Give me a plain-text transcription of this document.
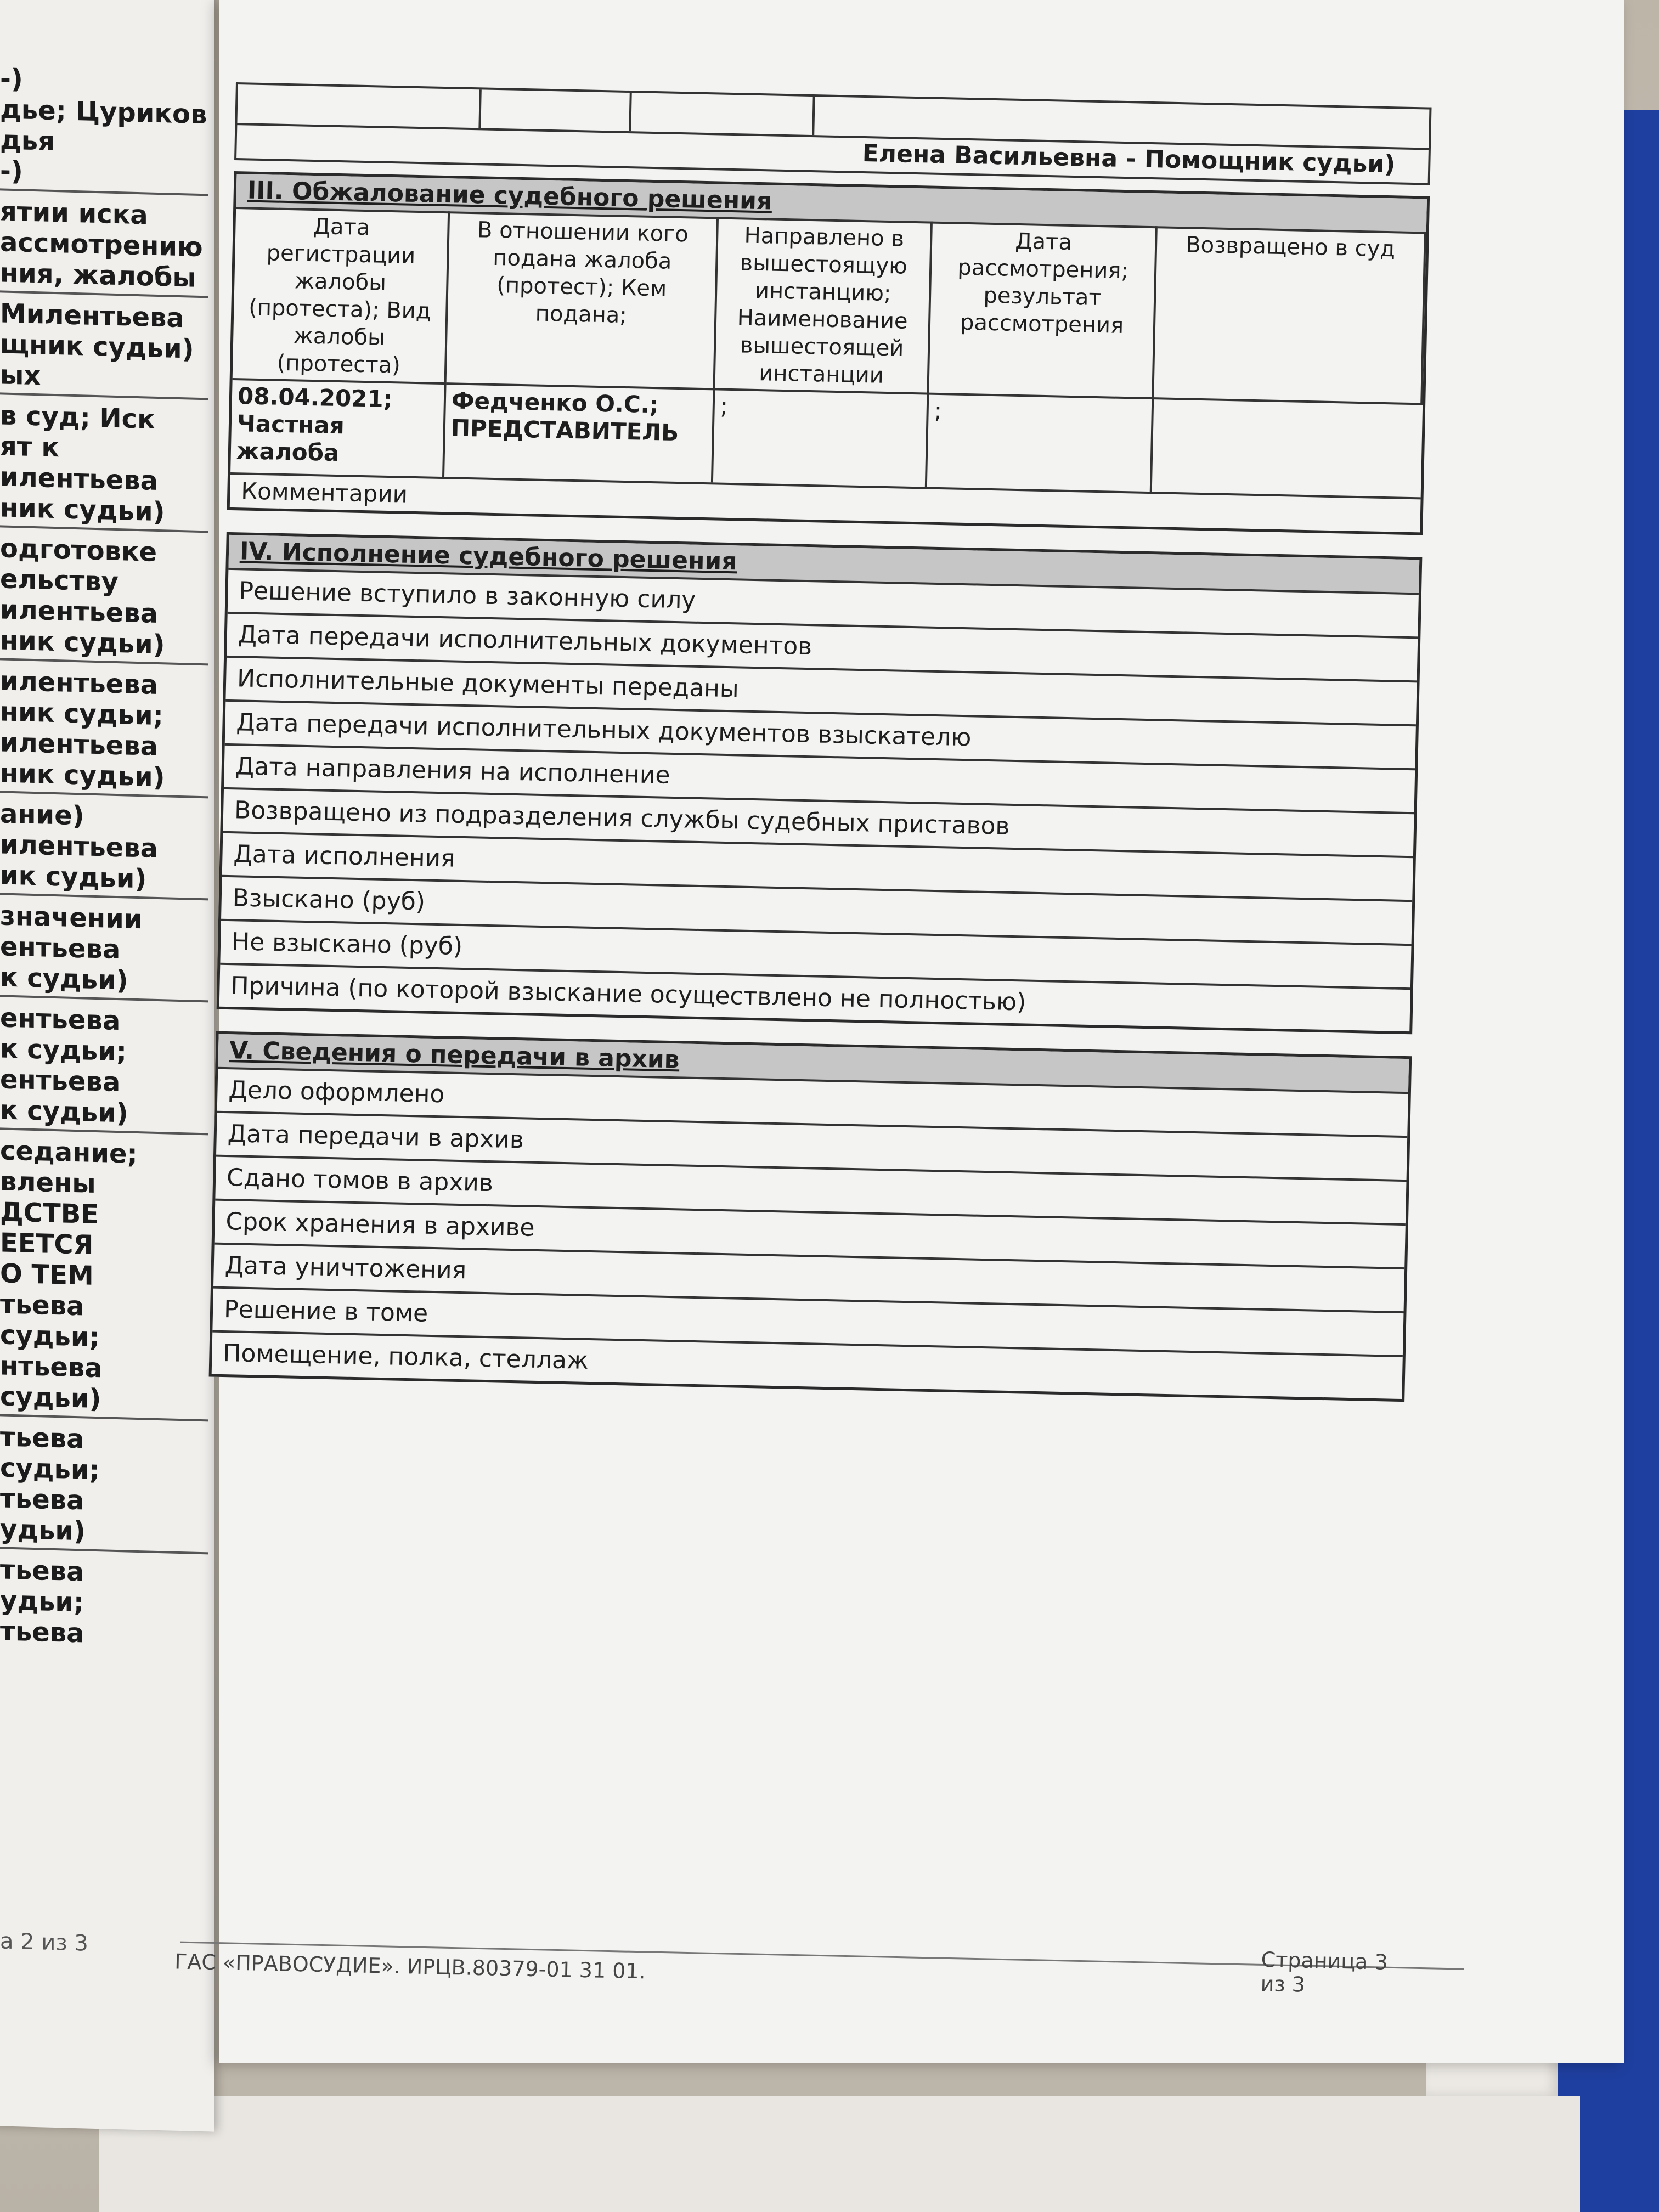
-)
дье; Цуриков
дья
-)
ятии иска
ассмотрению
ния, жалобы
Милентьева
щник судьи)
ых
в суд; Иск
ят к
илентьева
ник судьи)
одготовке
ельству
илентьева
ник судьи)
илентьева
ник судьи;
илентьева
ник судьи)
ание)
илентьева
ик судьи)
значении
ентьева
к судьи)
ентьева
к судьи;
ентьева
к судьи)
седание;
влены
ДСТВЕ
ЕЕТСЯ
О ТЕМ
тьева
судьи;
нтьева
судьи)
тьева
судьи;
тьева
удьи)
тьева
удьи;
тьева
а 2 из 3
Елена Васильевна - Помощник судьи)
III. Обжалование судебного решения
Дата регистрации жалобы (протеста); Вид жалобы (протеста)
В отношении кого подана жалоба (протест); Кем подана;
Направлено в вышестоящую инстанцию; Наименование вышестоящей инстанции
Дата рассмотрения; результат рассмотрения
Возвращено в суд
08.04.2021; Частная жалоба
Федченко О.С.; ПРЕДСТАВИТЕЛЬ
;	;
Комментарии
IV. Исполнение судебного решения
Решение вступило в законную силу
Дата передачи исполнительных документов
Исполнительные документы переданы
Дата передачи исполнительных документов взыскателю
Дата направления на исполнение
Возвращено из подразделения службы судебных приставов
Дата исполнения
Взыскано (руб)
Не взыскано (руб)
Причина (по которой взыскание осуществлено не полностью)
V. Сведения о передачи в архив
Дело оформлено
Дата передачи в архив
Сдано томов в архив
Срок хранения в архиве
Дата уничтожения
Решение в томе
Помещение, полка, стеллаж
ГАС «ПРАВОСУДИЕ». ИРЦВ.80379-01 31 01.	Страница 3 из 3
